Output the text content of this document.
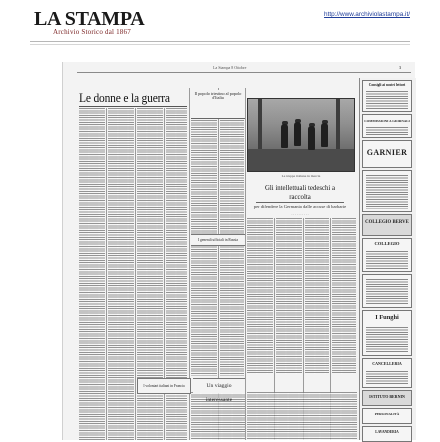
LA STAMPA
Archivio Storico dal 1867
http://www.archiviolastampa.it/
La Stampa 8 Ottobre	3
Le donne e la guerra	Il popolo triestino al popolo d'Italia
Le truppe italiane in marcia
Gli intellettuali tedeschi a raccolta
per difendere la Germania dalle accuse di barbarie
. . . . . . . . . .
I generali ufficiali in Russia
I volontari italiani in Francia	Un viaggio interessante
Consigli ai nostri lettori
COMMISSIONI A GIORNALI
GARNIER
COLLEGIO BERVE
COLLEGIO
I Funghi
CANCELLERIA
ISTITUTO BERNIN
PERSONALITÀ
LAVANDERIA
